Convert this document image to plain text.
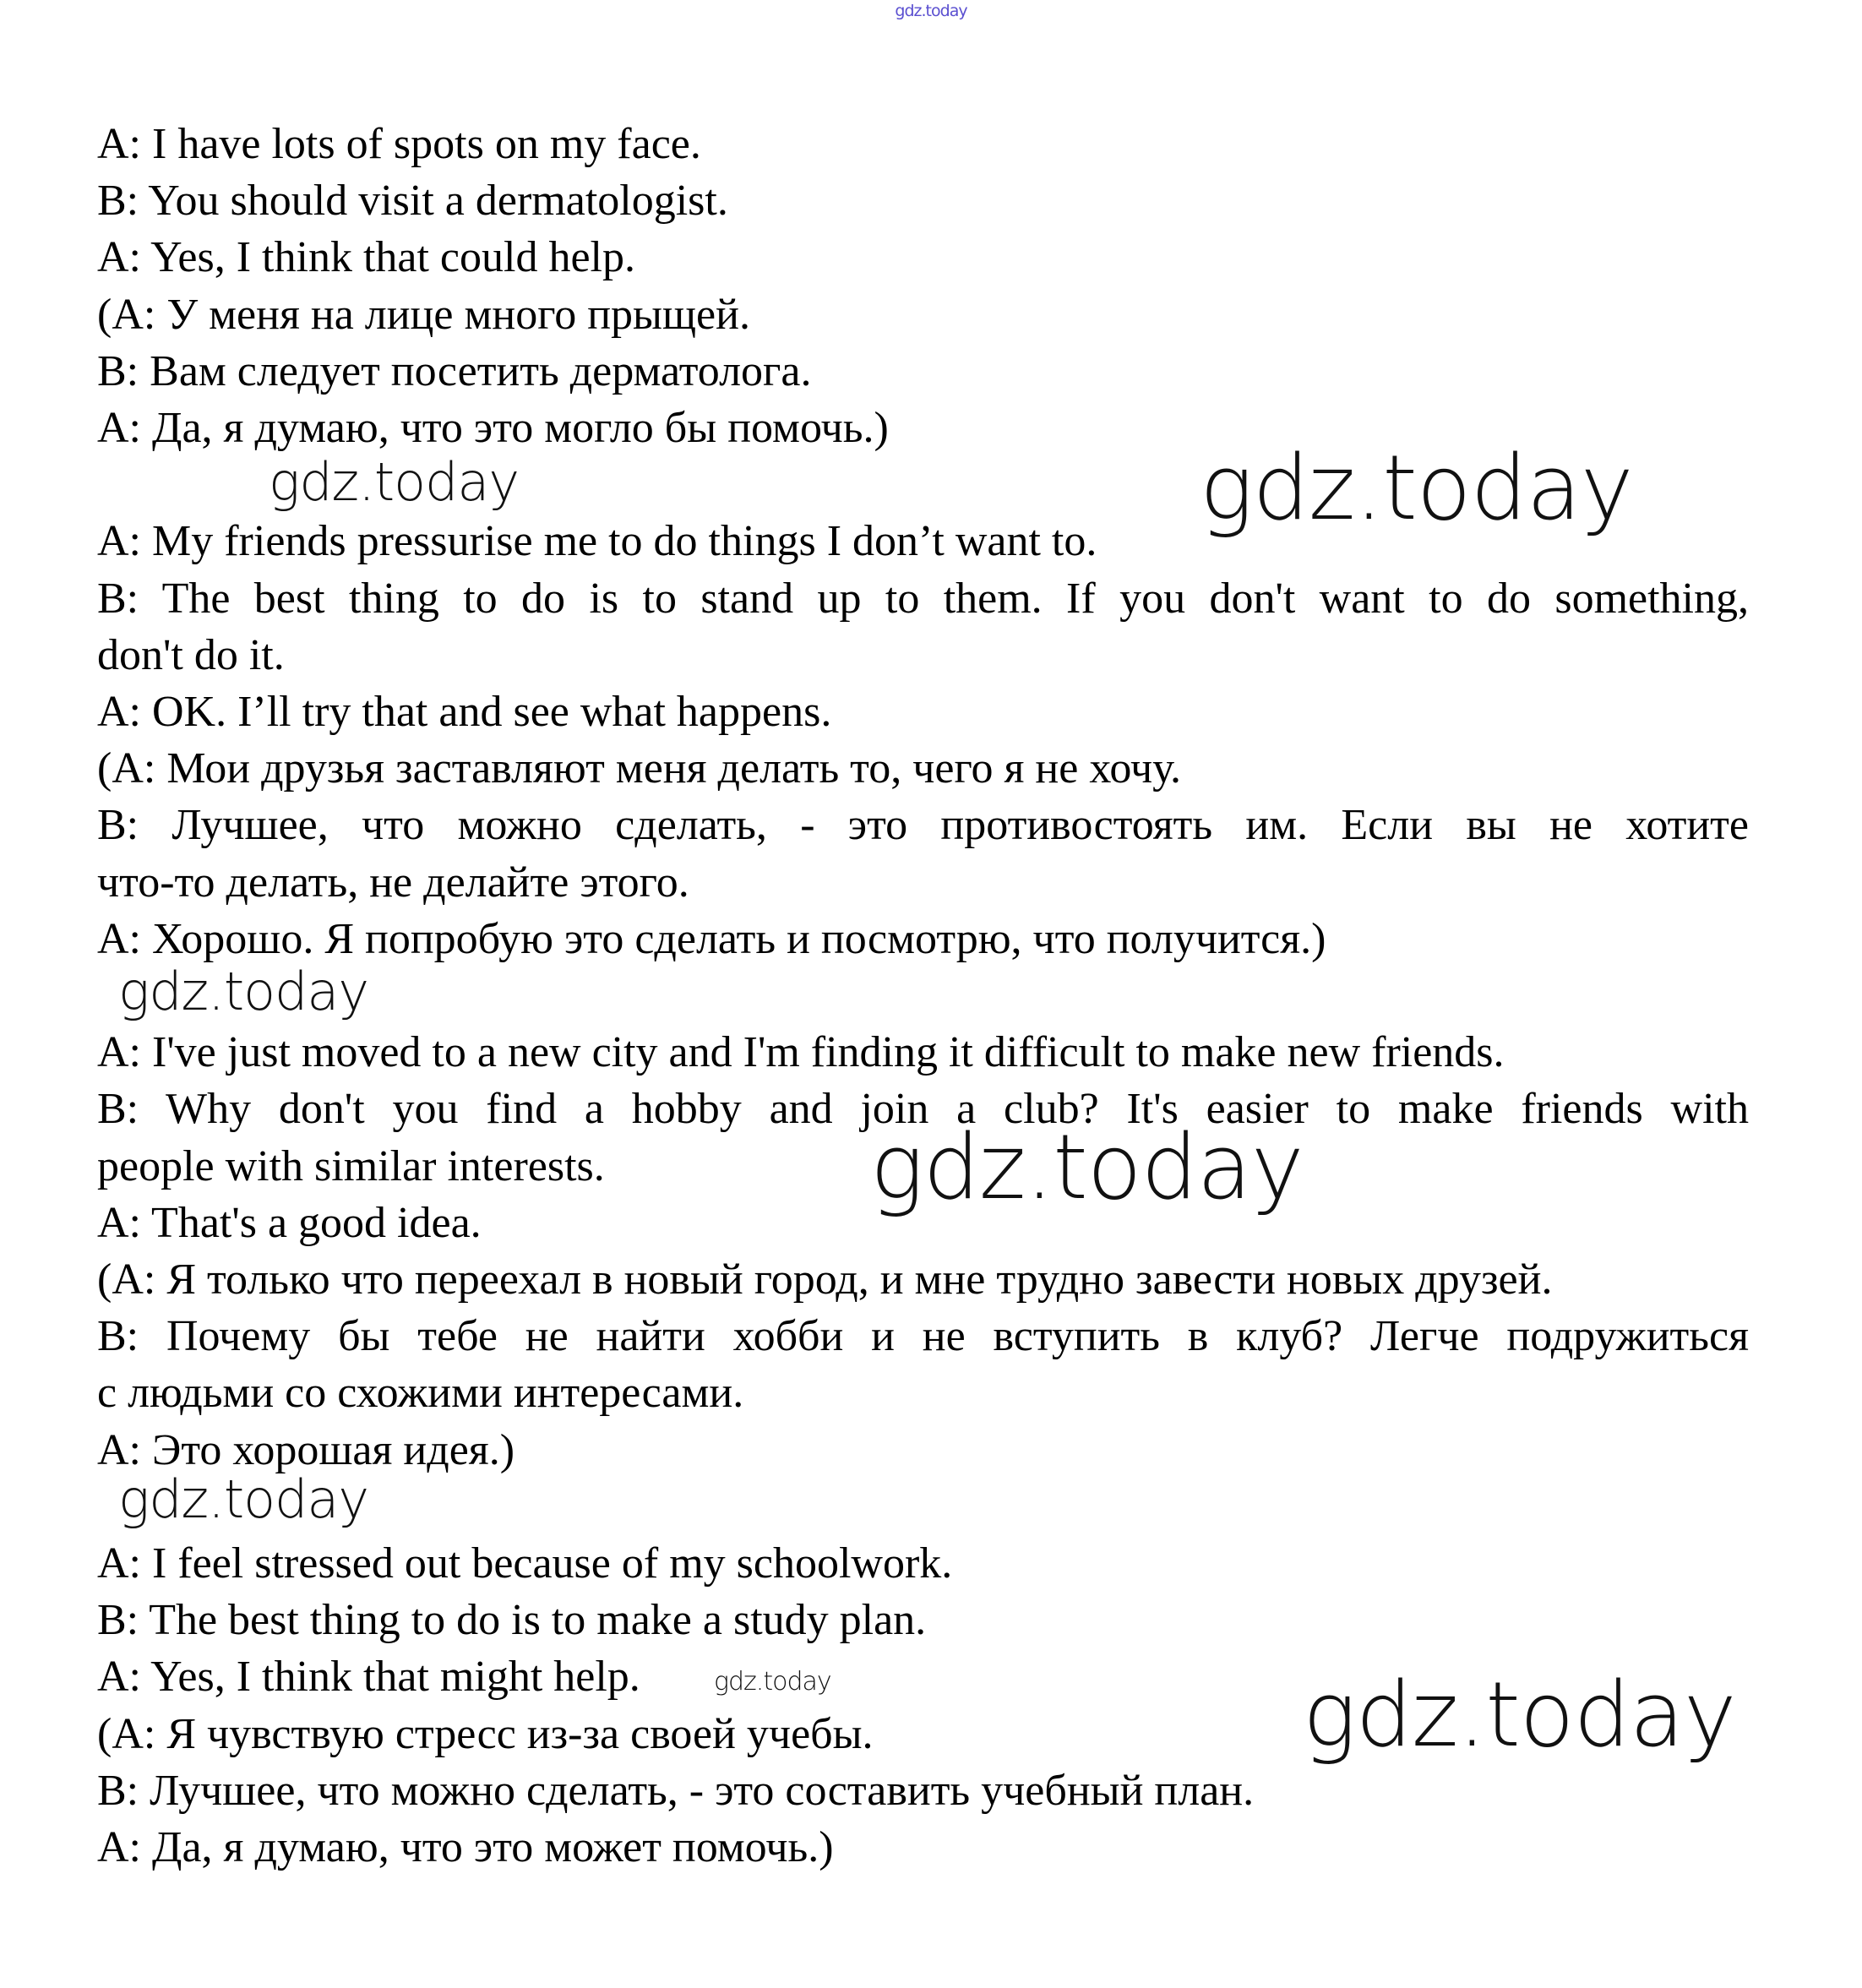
gdz.today

A: I have lots of spots on my face.

B: You should visit a dermatologist.

A: Yes, I think that could help.

(A: У меня на лице много прыщей.

B: Вам следует посетить дерматолога.

A: Да, я думаю, что это могло бы помочь.)

A: My friends pressurise me to do things I don’t want to.

B: The best thing to do is to stand up to them. If you don't want to do something,

don't do it.

A: OK. I’ll try that and see what happens.

(A: Мои друзья заставляют меня делать то, чего я не хочу.

B: Лучшее, что можно сделать, - это противостоять им. Если вы не хотите

что-то делать, не делайте этого.

A: Хорошо. Я попробую это сделать и посмотрю, что получится.)

A: I've just moved to a new city and I'm finding it difficult to make new friends.

B: Why don't you find a hobby and join a club? It's easier to make friends with

people with similar interests.

A: That's a good idea.

(A: Я только что переехал в новый город, и мне трудно завести новых друзей.

B: Почему бы тебе не найти хобби и не вступить в клуб? Легче подружиться

с людьми со схожими интересами.

A: Это хорошая идея.)

A: I feel stressed out because of my schoolwork.

B: The best thing to do is to make a study plan.

A: Yes, I think that might help.

(A: Я чувствую стресс из-за своей учебы.

B: Лучшее, что можно сделать, - это составить учебный план.

A: Да, я думаю, что это может помочь.)

gdz.today	gdz.today
gdz.today
gdz.today
gdz.today
gdz.today	gdz.today
